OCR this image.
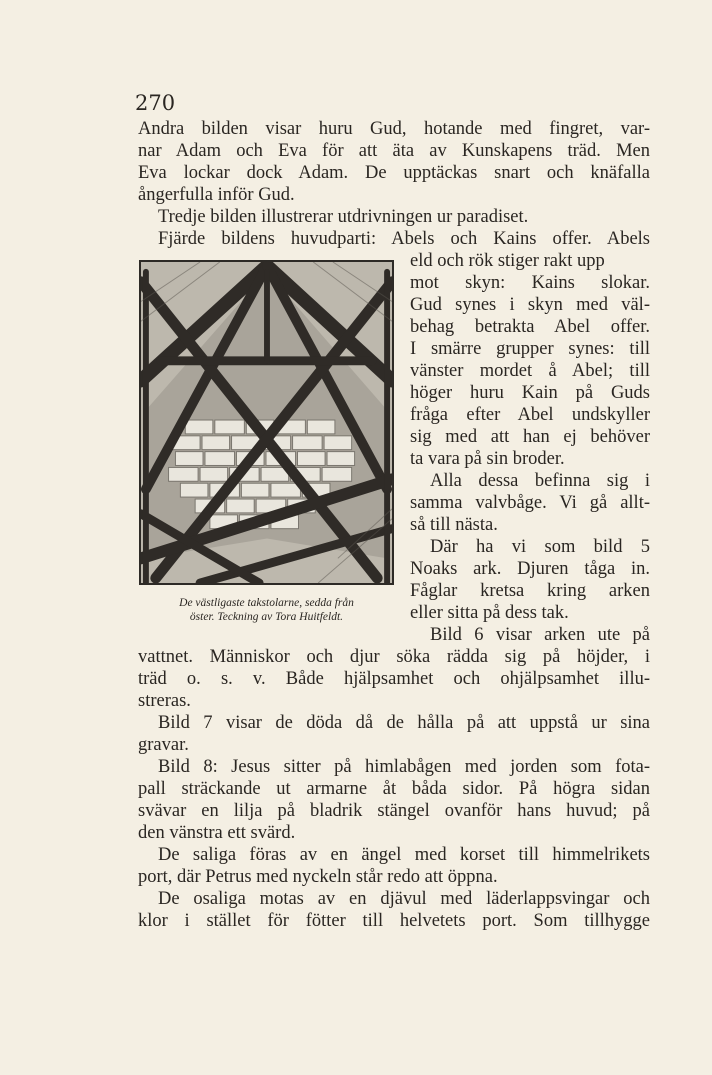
270
Andra bilden visar huru Gud, hotande med fingret, var-
nar Adam och Eva för att äta av Kunskapens träd. Men
Eva lockar dock Adam. De upptäckas snart och knäfalla
ångerfulla inför Gud.
Tredje bilden illustrerar utdrivningen ur paradiset.
Fjärde bildens huvudparti: Abels och Kains offer. Abels
eld och rök stiger rakt upp
mot skyn: Kains slokar.
Gud synes i skyn med väl-
behag betrakta Abel offer.
I smärre grupper synes: till
vänster mordet å Abel; till
höger huru Kain på Guds
fråga efter Abel undskyller
sig med att han ej behöver
ta vara på sin broder.
Alla dessa befinna sig i
samma valvbåge. Vi gå allt-
så till nästa.
Där ha vi som bild 5
Noaks ark. Djuren tåga in.
Fåglar kretsa kring arken
eller sitta på dess tak.
Bild 6 visar arken ute på
De västligaste takstolarne, sedda från
öster. Teckning av Tora Huitfeldt.
vattnet. Människor och djur söka rädda sig på höjder, i
träd o. s. v. Både hjälpsamhet och ohjälpsamhet illu-
streras.
Bild 7 visar de döda då de hålla på att uppstå ur sina
gravar.
Bild 8: Jesus sitter på himlabågen med jorden som fota-
pall sträckande ut armarne åt båda sidor. På högra sidan
svävar en lilja på bladrik stängel ovanför hans huvud; på
den vänstra ett svärd.
De saliga föras av en ängel med korset till himmelrikets
port, där Petrus med nyckeln står redo att öppna.
De osaliga motas av en djävul med läderlappsvingar och
klor i stället för fötter till helvetets port. Som tillhygge
